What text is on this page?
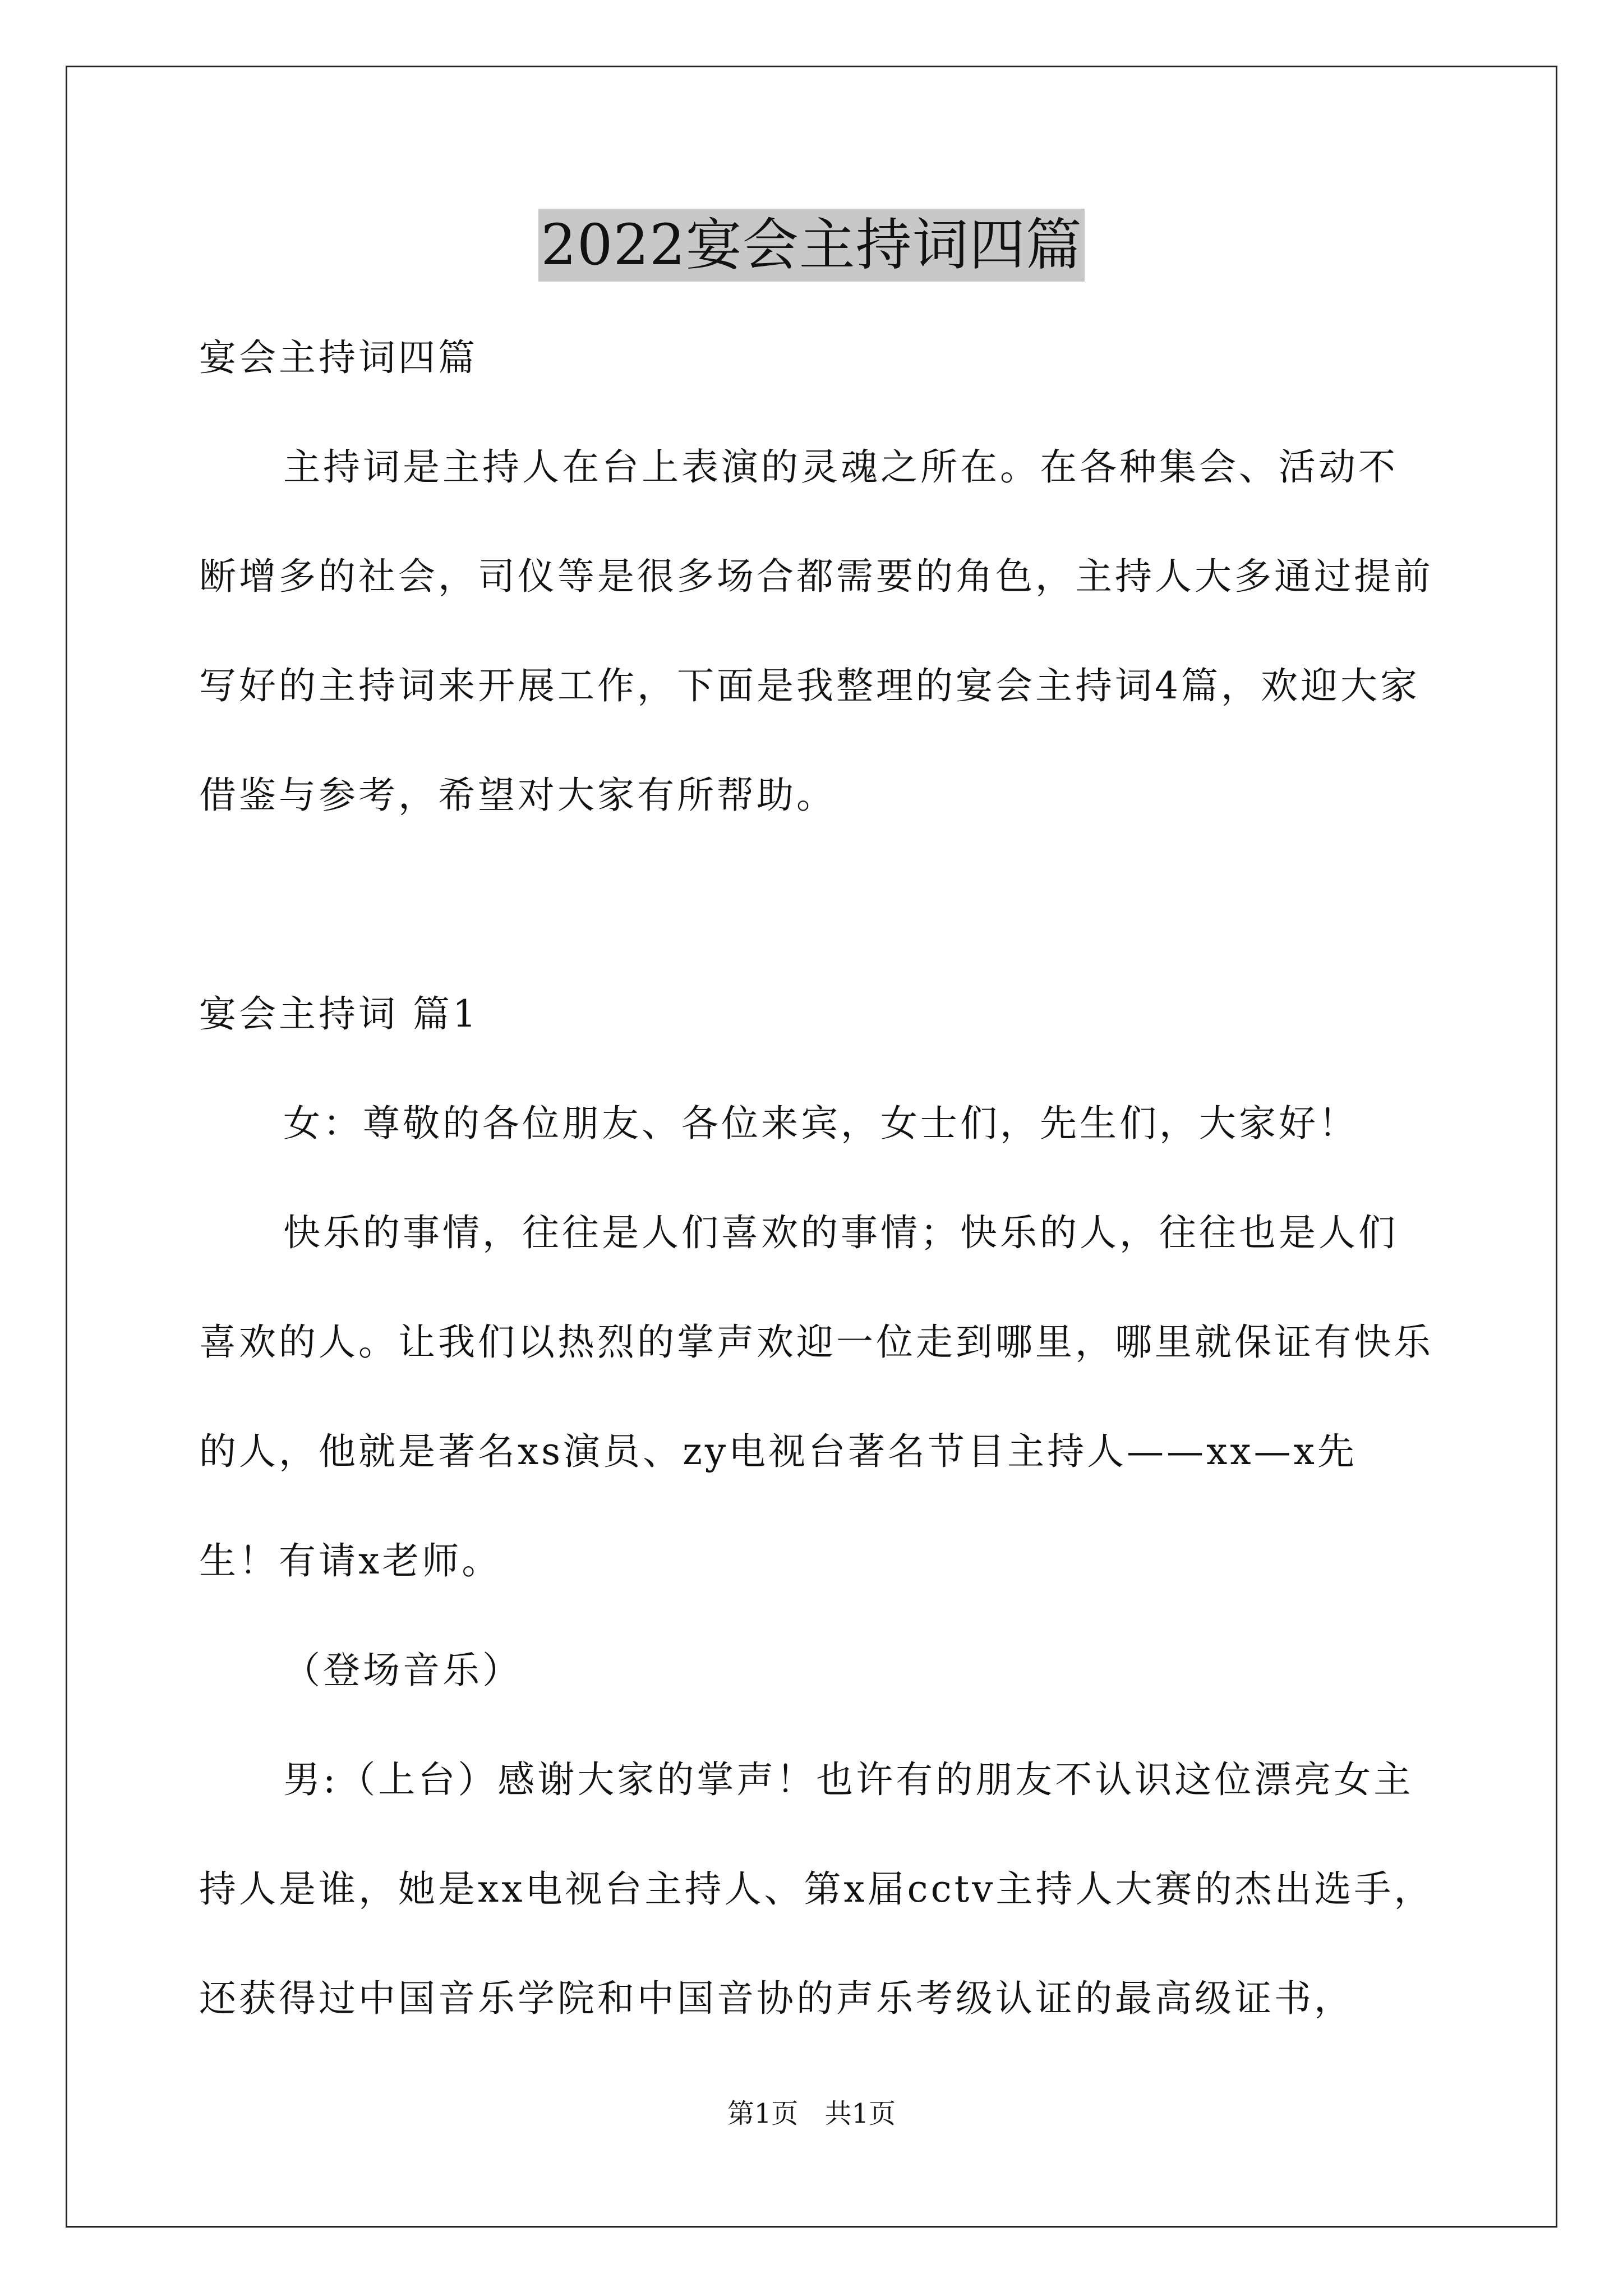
2022宴会主持词四篇

宴会主持词四篇

主持词是主持人在台上表演的灵魂之所在。在各种集会、活动不断增多的社会，司仪等是很多场合都需要的角色，主持人大多通过提前写好的主持词来开展工作，下面是我整理的宴会主持词4篇，欢迎大家借鉴与参考，希望对大家有所帮助。

宴会主持词 篇1

女：尊敬的各位朋友、各位来宾，女士们，先生们，大家好！

快乐的事情，往往是人们喜欢的事情；快乐的人，往往也是人们喜欢的人。让我们以热烈的掌声欢迎一位走到哪里，哪里就保证有快乐的人，他就是著名xs演员、zy电视台著名节目主持人——xx—x先生！有请x老师。

（登场音乐）

男:（上台）感谢大家的掌声！也许有的朋友不认识这位漂亮女主持人是谁，她是xx电视台主持人、第x届cctv主持人大赛的杰出选手，还获得过中国音乐学院和中国音协的声乐考级认证的最高级证书，

第1页 共1页
